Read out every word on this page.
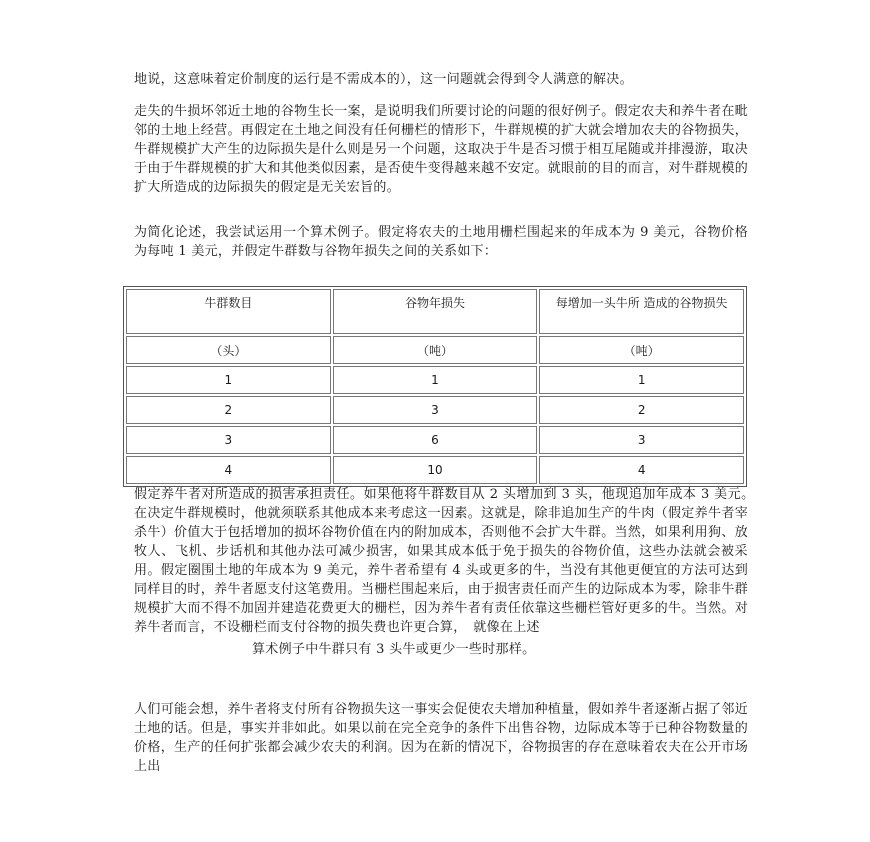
地说，这意味着定价制度的运行是不需成本的），这一问题就会得到令人满意的解决。

走失的牛损坏邻近土地的谷物生长一案，是说明我们所要讨论的问题的很好例子。假定农夫和养牛者在毗邻的土地上经营。再假定在土地之间没有任何栅栏的情形下，牛群规模的扩大就会增加农夫的谷物损失，牛群规模扩大产生的边际损失是什么则是另一个问题，这取决于牛是否习惯于相互尾随或并排漫游，取决于由于牛群规模的扩大和其他类似因素，是否使牛变得越来越不安定。就眼前的目的而言，对牛群规模的扩大所造成的边际损失的假定是无关宏旨的。

为简化论述，我尝试运用一个算术例子。假定将农夫的土地用栅栏围起来的年成本为 9 美元，谷物价格为每吨 1 美元，并假定牛群数与谷物年损失之间的关系如下：

牛群数目	谷物年损失	每增加一头牛所 造成的谷物损失
（头）	（吨）	（吨）
1	1	1
2	3	2
3	6	3
4	10	4

假定养牛者对所造成的损害承担责任。如果他将牛群数目从 2 头增加到 3 头，他现追加年成本 3 美元。　在决定牛群规模时，他就须联系其他成本来考虑这一因素。这就是，除非追加生产的牛肉（假定养牛者宰杀牛）价值大于包括增加的损坏谷物价值在内的附加成本，否则他不会扩大牛群。当然，如果利用狗、放牧人、飞机、步话机和其他办法可减少损害，如果其成本低于免于损失的谷物价值，这些办法就会被采用。假定圈围土地的年成本为 9 美元，养牛者希望有 4 头或更多的牛，当没有其他更便宜的方法可达到同样目的时，养牛者愿支付这笔费用。当栅栏围起来后，由于损害责任而产生的边际成本为零，除非牛群规模扩大而不得不加固并建造花费更大的栅栏，因为养牛者有责任依靠这些栅栏管好更多的牛。当然。对养牛者而言，不设栅栏而支付谷物的损失费也许更合算，　就像在上述

算术例子中牛群只有 3 头牛或更少一些时那样。

人们可能会想，养牛者将支付所有谷物损失这一事实会促使农夫增加种植量，假如养牛者逐渐占据了邻近土地的话。但是，事实并非如此。如果以前在完全竞争的条件下出售谷物，边际成本等于已种谷物数量的价格，生产的任何扩张都会减少农夫的利润。因为在新的情况下，谷物损害的存在意味着农夫在公开市场上出
